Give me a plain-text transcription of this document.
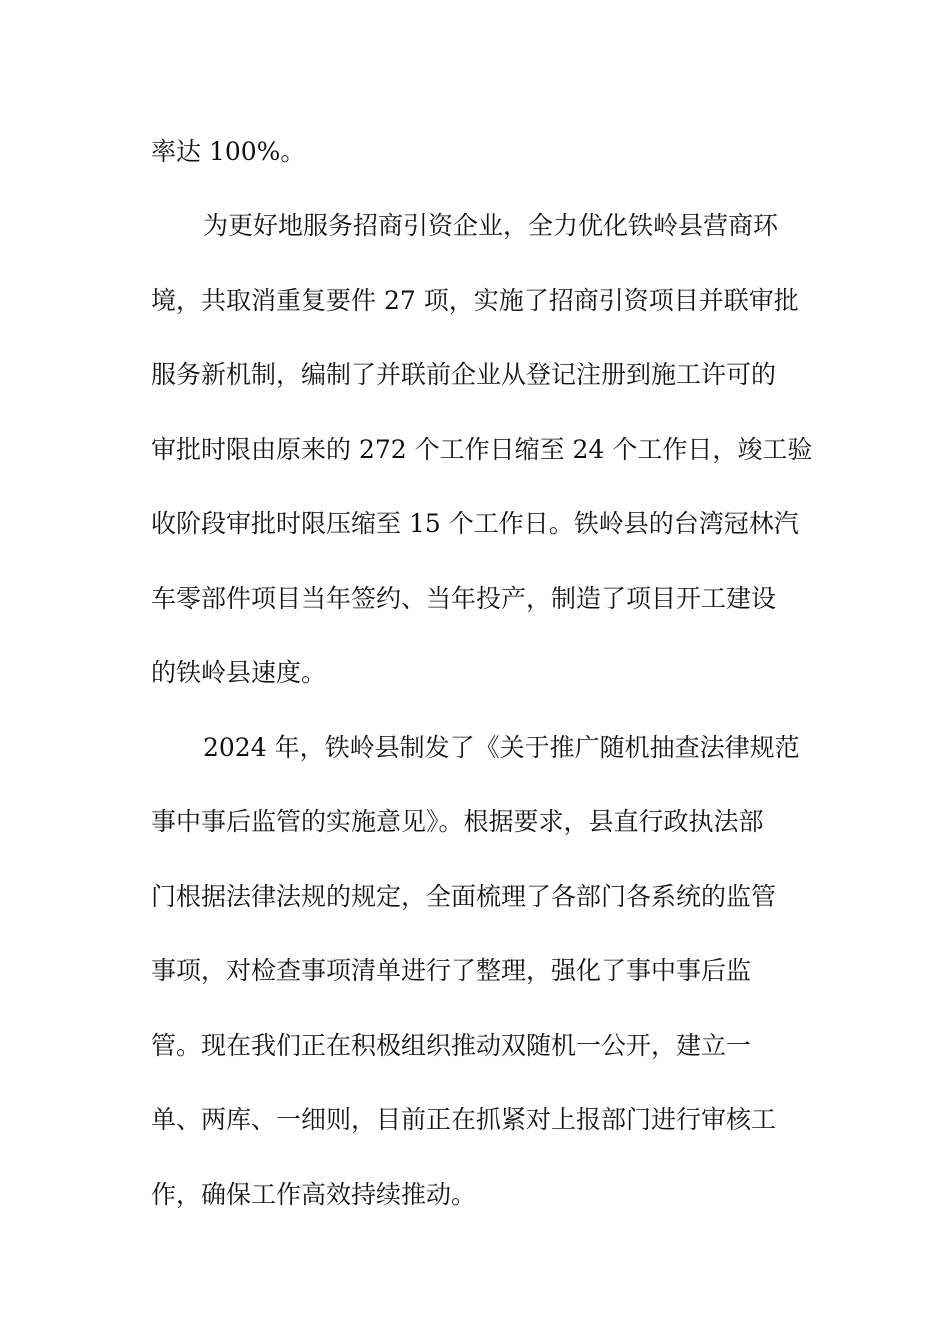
率达 100%。
为更好地服务招商引资企业，全力优化铁岭县营商环
境，共取消重复要件 27 项，实施了招商引资项目并联审批
服务新机制，编制了并联前企业从登记注册到施工许可的
审批时限由原来的 272 个工作日缩至 24 个工作日，竣工验
收阶段审批时限压缩至 15 个工作日。铁岭县的台湾冠林汽
车零部件项目当年签约、当年投产，制造了项目开工建设
的铁岭县速度。
2024 年，铁岭县制发了《关于推广随机抽查法律规范
事中事后监管的实施意见》。根据要求，县直行政执法部
门根据法律法规的规定，全面梳理了各部门各系统的监管
事项，对检查事项清单进行了整理，强化了事中事后监
管。现在我们正在积极组织推动双随机一公开，建立一
单、两库、一细则，目前正在抓紧对上报部门进行审核工
作，确保工作高效持续推动。
